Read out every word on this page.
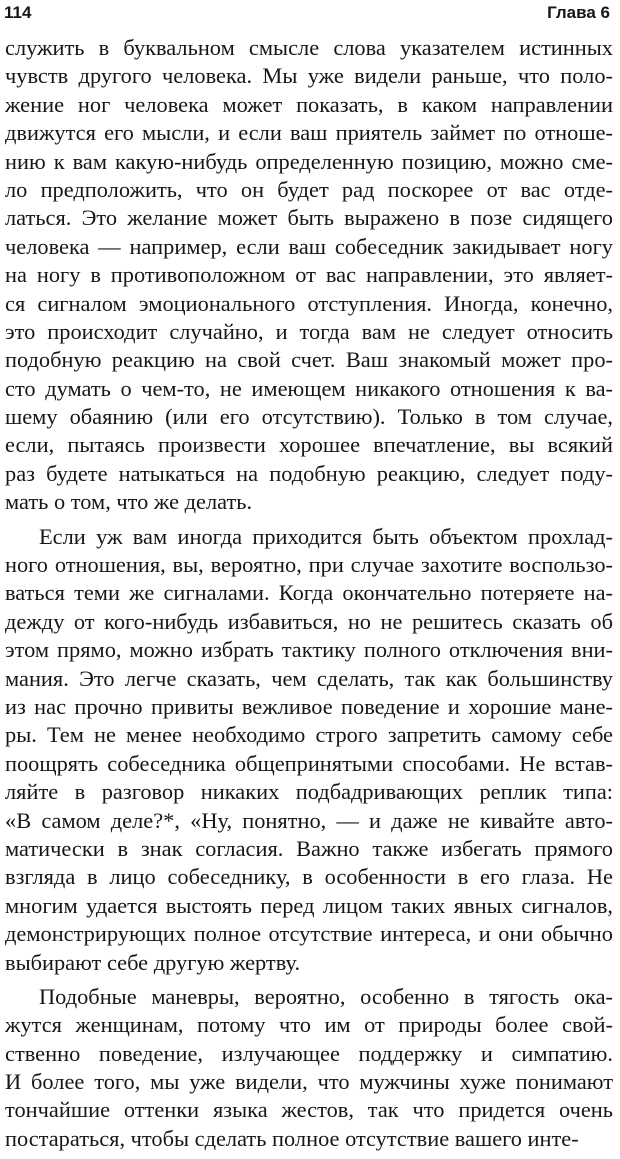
114	Глава 6
служить в буквальном смысле слова указателем истинных
чувств другого человека. Мы уже видели раньше, что поло-
жение ног человека может показать, в каком направлении
движутся его мысли, и если ваш приятель займет по отноше-
нию к вам какую-нибудь определенную позицию, можно сме-
ло предположить, что он будет рад поскорее от вас отде-
латься. Это желание может быть выражено в позе сидящего
человека — например, если ваш собеседник закидывает ногу
на ногу в противоположном от вас направлении, это являет-
ся сигналом эмоционального отступления. Иногда, конечно,
это происходит случайно, и тогда вам не следует относить
подобную реакцию на свой счет. Ваш знакомый может про-
сто думать о чем-то, не имеющем никакого отношения к ва-
шему обаянию (или его отсутствию). Только в том случае,
если, пытаясь произвести хорошее впечатление, вы всякий
раз будете натыкаться на подобную реакцию, следует поду-
мать о том, что же делать.
Если уж вам иногда приходится быть объектом прохлад-
ного отношения, вы, вероятно, при случае захотите воспользо-
ваться теми же сигналами. Когда окончательно потеряете на-
дежду от кого-нибудь избавиться, но не решитесь сказать об
этом прямо, можно избрать тактику полного отключения вни-
мания. Это легче сказать, чем сделать, так как большинству
из нас прочно привиты вежливое поведение и хорошие мане-
ры. Тем не менее необходимо строго запретить самому себе
поощрять собеседника общепринятыми способами. Не встав-
ляйте в разговор никаких подбадривающих реплик типа:
«В самом деле?*, «Ну, понятно, — и даже не кивайте авто-
матически в знак согласия. Важно также избегать прямого
взгляда в лицо собеседнику, в особенности в его глаза. Не
многим удается выстоять перед лицом таких явных сигналов,
демонстрирующих полное отсутствие интереса, и они обычно
выбирают себе другую жертву.
Подобные маневры, вероятно, особенно в тягость ока-
жутся женщинам, потому что им от природы более свой-
ственно поведение, излучающее поддержку и симпатию.
И более того, мы уже видели, что мужчины хуже понимают
тончайшие оттенки языка жестов, так что придется очень
постараться, чтобы сделать полное отсутствие вашего инте-
